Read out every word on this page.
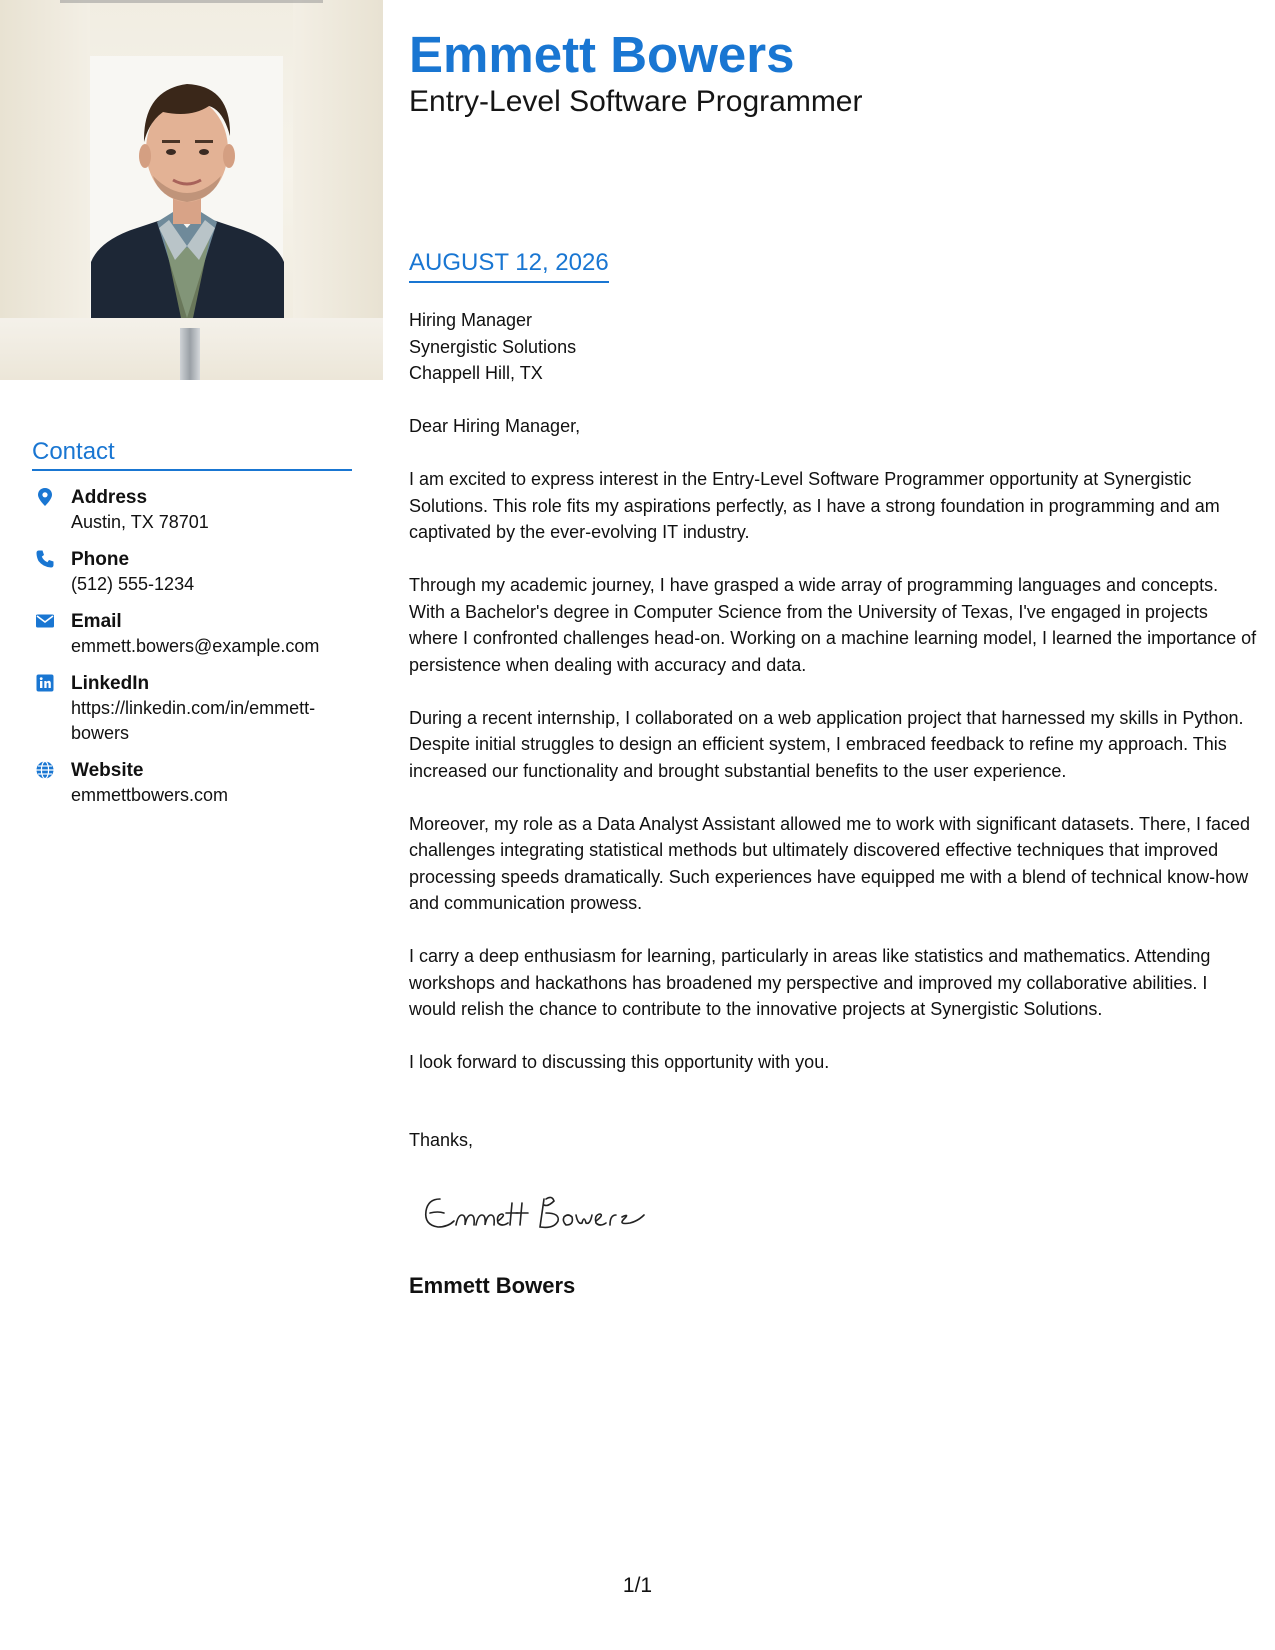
Emmett Bowers
Entry-Level Software Programmer
AUGUST 12, 2026
Hiring Manager
Synergistic Solutions
Chappell Hill, TX

Dear Hiring Manager,

I am excited to express interest in the Entry-Level Software Programmer opportunity at Synergistic Solutions. This role fits my aspirations perfectly, as I have a strong foundation in programming and am captivated by the ever-evolving IT industry.

Through my academic journey, I have grasped a wide array of programming languages and concepts. With a Bachelor's degree in Computer Science from the University of Texas, I've engaged in projects where I confronted challenges head-on. Working on a machine learning model, I learned the importance of persistence when dealing with accuracy and data.

During a recent internship, I collaborated on a web application project that harnessed my skills in Python. Despite initial struggles to design an efficient system, I embraced feedback to refine my approach. This increased our functionality and brought substantial benefits to the user experience.

Moreover, my role as a Data Analyst Assistant allowed me to work with significant datasets. There, I faced challenges integrating statistical methods but ultimately discovered effective techniques that improved processing speeds dramatically. Such experiences have equipped me with a blend of technical know-how and communication prowess.

I carry a deep enthusiasm for learning, particularly in areas like statistics and mathematics. Attending workshops and hackathons has broadened my perspective and improved my collaborative abilities. I would relish the chance to contribute to the innovative projects at Synergistic Solutions.

I look forward to discussing this opportunity with you.

Thanks,
Emmett Bowers
Contact
Address
Austin, TX 78701
Phone
(512) 555-1234
Email
emmett.bowers@example.com
LinkedIn
https://linkedin.com/in/emmett-bowers
Website
emmettbowers.com
1/1
